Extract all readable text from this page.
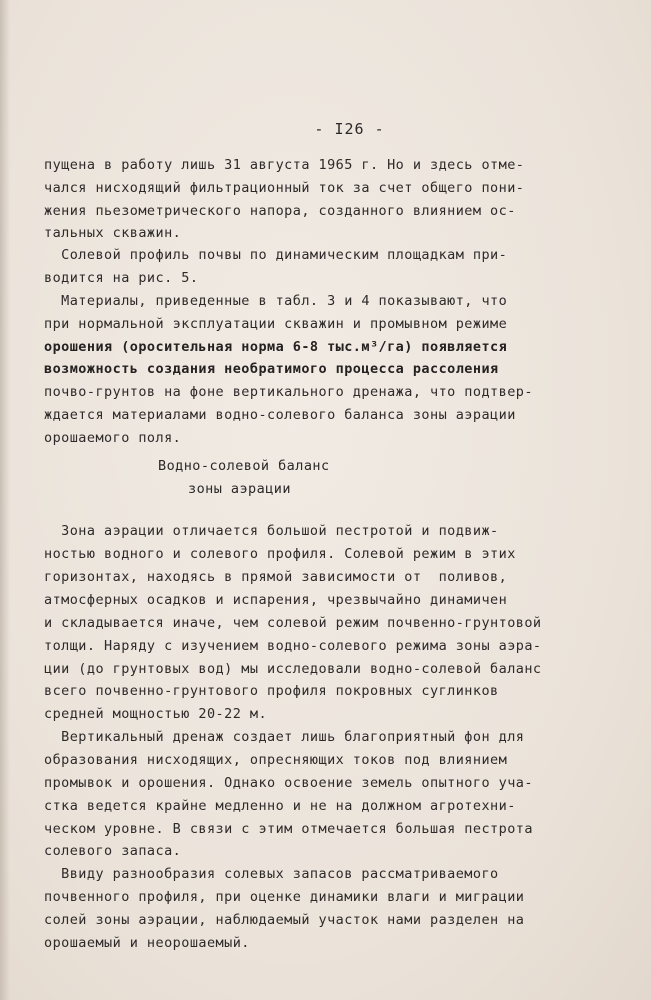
- I26 -
пущена в работу лишь 31 августа 1965 г. Но и здесь отме-
чался нисходящий фильтрационный ток за счет общего пони-
жения пьезометрического напора, созданного влиянием ос-
тальных скважин.
Солевой профиль почвы по динамическим площадкам при-
водится на рис. 5.
Материалы, приведенные в табл. 3 и 4 показывают, что
при нормальной эксплуатации скважин и промывном режиме
орошения (оросительная норма 6-8 тыс.м³/га) появляется
возможность создания необратимого процесса рассоления
почво-грунтов на фоне вертикального дренажа, что подтвер-
ждается материалами водно-солевого баланса зоны аэрации
орошаемого поля.
Водно-солевой баланс
зоны аэрации
Зона аэрации отличается большой пестротой и подвиж-
ностью водного и солевого профиля. Солевой режим в этих
горизонтах, находясь в прямой зависимости от  поливов,
атмосферных осадков и испарения, чрезвычайно динамичен
и складывается иначе, чем солевой режим почвенно-грунтовой
толщи. Наряду с изучением водно-солевого режима зоны аэра-
ции (до грунтовых вод) мы исследовали водно-солевой баланс
всего почвенно-грунтового профиля покровных суглинков
средней мощностью 20-22 м.
Вертикальный дренаж создает лишь благоприятный фон для
образования нисходящих, опресняющих токов под влиянием
промывок и орошения. Однако освоение земель опытного уча-
стка ведется крайне медленно и не на должном агротехни-
ческом уровне. В связи с этим отмечается большая пестрота
солевого запаса.
Ввиду разнообразия солевых запасов рассматриваемого
почвенного профиля, при оценке динамики влаги и миграции
солей зоны аэрации, наблюдаемый участок нами разделен на
орошаемый и неорошаемый.
